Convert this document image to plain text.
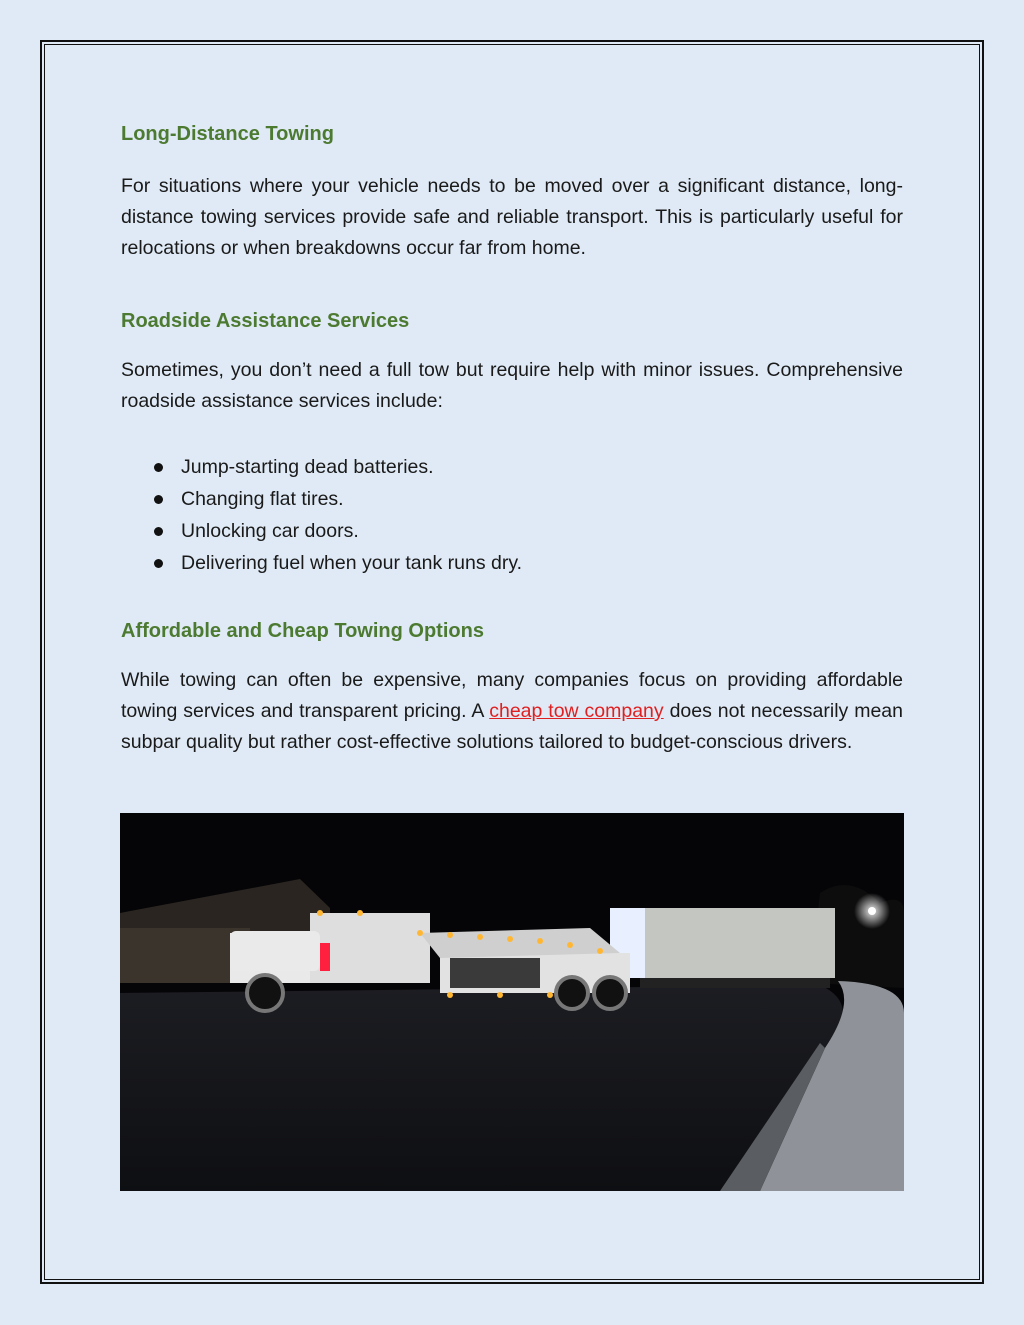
Long-Distance Towing

For situations where your vehicle needs to be moved over a significant distance, long-distance towing services provide safe and reliable transport. This is particularly useful for relocations or when breakdowns occur far from home.

Roadside Assistance Services

Sometimes, you don’t need a full tow but require help with minor issues. Comprehensive roadside assistance services include:

Jump-starting dead batteries.
Changing flat tires.
Unlocking car doors.
Delivering fuel when your tank runs dry.
Affordable and Cheap Towing Options

While towing can often be expensive, many companies focus on providing affordable towing services and transparent pricing. A cheap tow company does not necessarily mean subpar quality but rather cost-effective solutions tailored to budget-conscious drivers.
